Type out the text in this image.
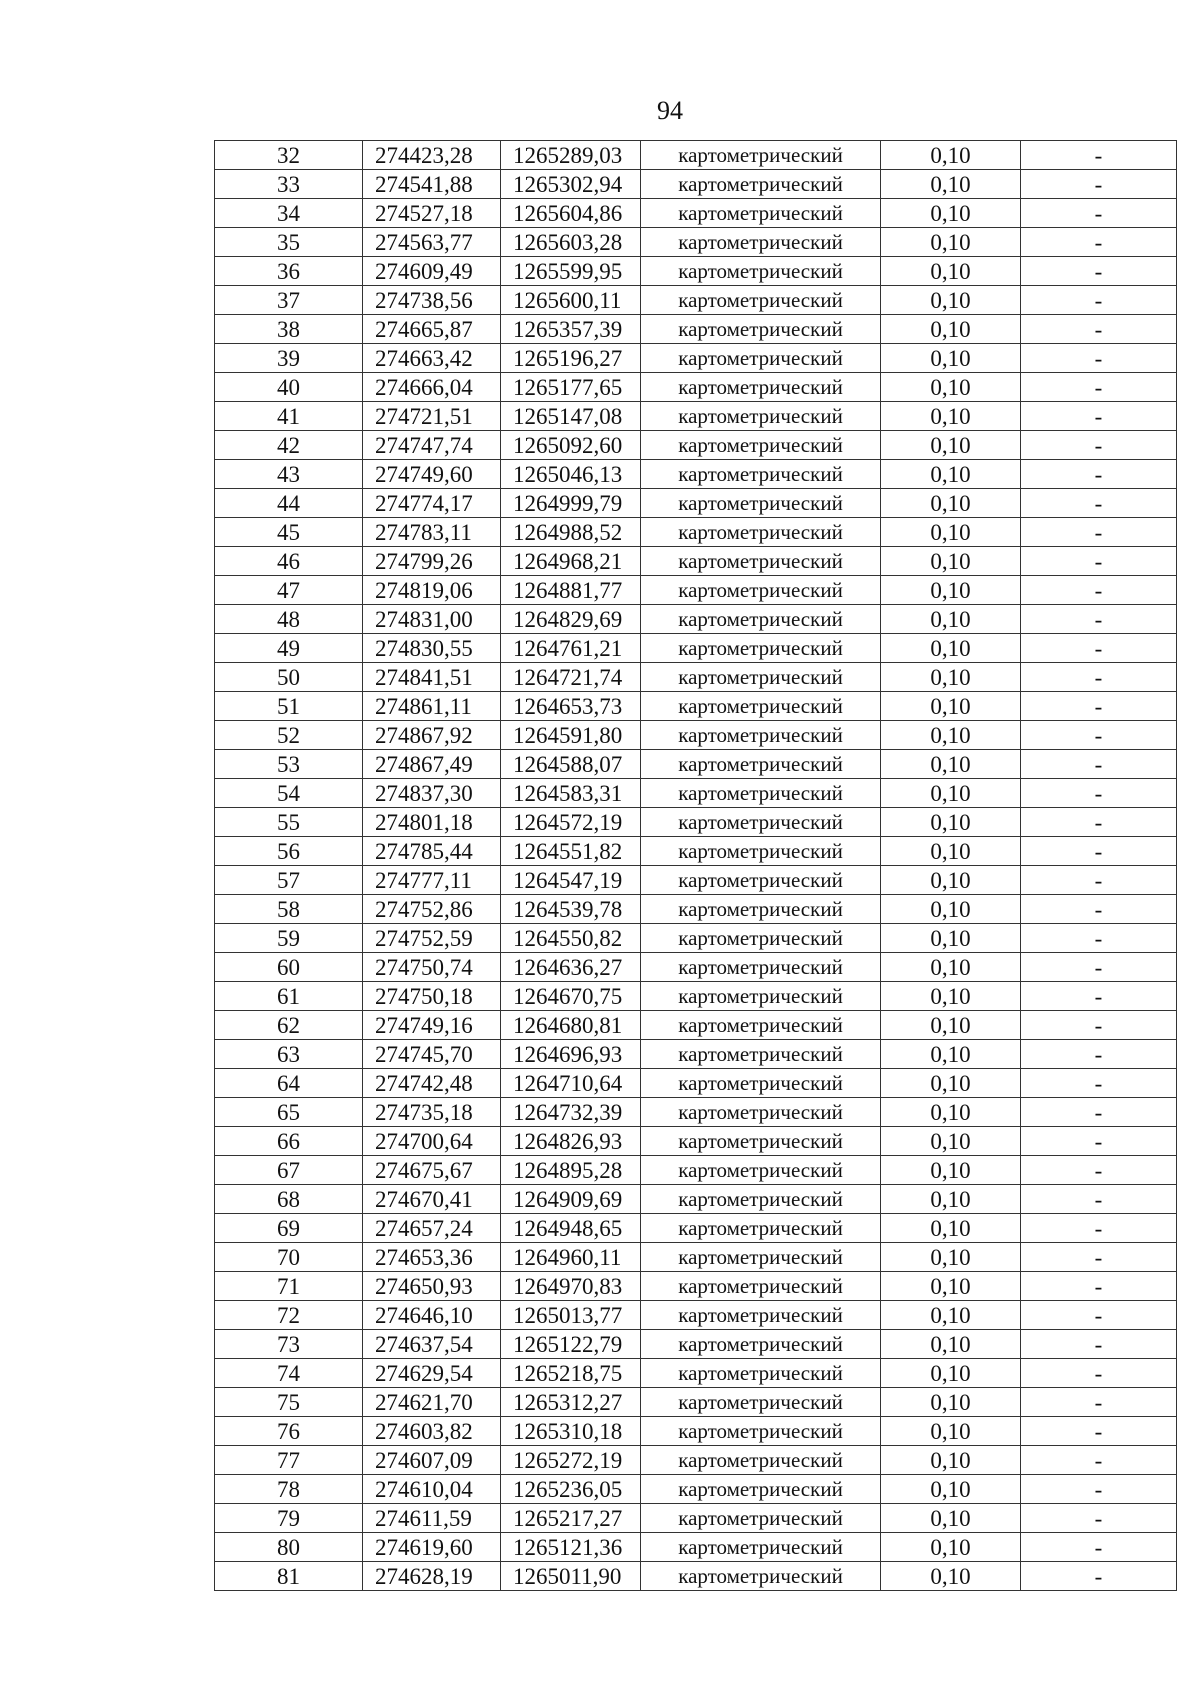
94
32	274423,28	1265289,03	картометрический	0,10	-
33	274541,88	1265302,94	картометрический	0,10	-
34	274527,18	1265604,86	картометрический	0,10	-
35	274563,77	1265603,28	картометрический	0,10	-
36	274609,49	1265599,95	картометрический	0,10	-
37	274738,56	1265600,11	картометрический	0,10	-
38	274665,87	1265357,39	картометрический	0,10	-
39	274663,42	1265196,27	картометрический	0,10	-
40	274666,04	1265177,65	картометрический	0,10	-
41	274721,51	1265147,08	картометрический	0,10	-
42	274747,74	1265092,60	картометрический	0,10	-
43	274749,60	1265046,13	картометрический	0,10	-
44	274774,17	1264999,79	картометрический	0,10	-
45	274783,11	1264988,52	картометрический	0,10	-
46	274799,26	1264968,21	картометрический	0,10	-
47	274819,06	1264881,77	картометрический	0,10	-
48	274831,00	1264829,69	картометрический	0,10	-
49	274830,55	1264761,21	картометрический	0,10	-
50	274841,51	1264721,74	картометрический	0,10	-
51	274861,11	1264653,73	картометрический	0,10	-
52	274867,92	1264591,80	картометрический	0,10	-
53	274867,49	1264588,07	картометрический	0,10	-
54	274837,30	1264583,31	картометрический	0,10	-
55	274801,18	1264572,19	картометрический	0,10	-
56	274785,44	1264551,82	картометрический	0,10	-
57	274777,11	1264547,19	картометрический	0,10	-
58	274752,86	1264539,78	картометрический	0,10	-
59	274752,59	1264550,82	картометрический	0,10	-
60	274750,74	1264636,27	картометрический	0,10	-
61	274750,18	1264670,75	картометрический	0,10	-
62	274749,16	1264680,81	картометрический	0,10	-
63	274745,70	1264696,93	картометрический	0,10	-
64	274742,48	1264710,64	картометрический	0,10	-
65	274735,18	1264732,39	картометрический	0,10	-
66	274700,64	1264826,93	картометрический	0,10	-
67	274675,67	1264895,28	картометрический	0,10	-
68	274670,41	1264909,69	картометрический	0,10	-
69	274657,24	1264948,65	картометрический	0,10	-
70	274653,36	1264960,11	картометрический	0,10	-
71	274650,93	1264970,83	картометрический	0,10	-
72	274646,10	1265013,77	картометрический	0,10	-
73	274637,54	1265122,79	картометрический	0,10	-
74	274629,54	1265218,75	картометрический	0,10	-
75	274621,70	1265312,27	картометрический	0,10	-
76	274603,82	1265310,18	картометрический	0,10	-
77	274607,09	1265272,19	картометрический	0,10	-
78	274610,04	1265236,05	картометрический	0,10	-
79	274611,59	1265217,27	картометрический	0,10	-
80	274619,60	1265121,36	картометрический	0,10	-
81	274628,19	1265011,90	картометрический	0,10	-
